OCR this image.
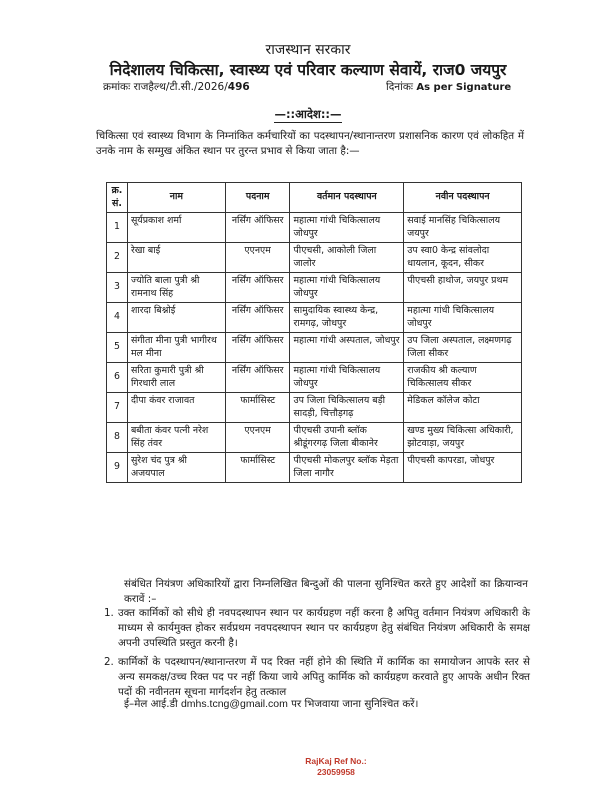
राजस्थान सरकार
निदेशालय चिकित्सा, स्वास्थ्य एवं परिवार कल्याण सेवायें, राज0 जयपुर
क्रमांकः राजहैल्थ/टी.सी./2026/496	दिनांकः As per Signature
—::आदेश::—
चिकित्सा एवं स्वास्थ्य विभाग के निम्नांकित कर्मचारियों का पदस्थापन/स्थानान्तरण प्रशासनिक कारण एवं लोकहित में उनके नाम के सम्मुख अंकित स्थान पर तुरन्त प्रभाव से किया जाता है:—
क्र. सं.	नाम	पदनाम	वर्तमान पदस्थापन	नवीन पदस्थापन
1	सूर्यप्रकाश शर्मा	नर्सिंग ऑफिसर	महात्मा गांधी चिकित्सालय जोधपुर	सवाई मानसिंह चिकित्सालय जयपुर
2	रेखा बाई	एएनएम	पीएचसी, आकोली जिला जालोर	उप स्वा0 केन्द्र सांवलोदा धायलान, कूदन, सीकर
3	ज्योति बाला पुत्री श्री रामनाथ सिंह	नर्सिंग ऑफिसर	महात्मा गांधी चिकित्सालय जोधपुर	पीएचसी हाथोज, जयपुर प्रथम
4	शारदा बिश्नोई	नर्सिंग ऑफिसर	सामुदायिक स्वास्थ्य केन्द्र, रामगढ़, जोधपुर	महात्मा गांधी चिकित्सालय जोधपुर
5	संगीता मीना पुत्री भागीरथ मल मीना	नर्सिंग ऑफिसर	महात्मा गांधी अस्पताल, जोधपुर	उप जिला अस्पताल, लक्ष्मणगढ़ जिला सीकर
6	सरिता कुमारी पुत्री श्री गिरधारी लाल	नर्सिंग ऑफिसर	महात्मा गांधी चिकित्सालय जोधपुर	राजकीय श्री कल्याण चिकित्सालय सीकर
7	दीपा कंवर राजावत	फार्मासिस्ट	उप जिला चिकित्सालय बड़ी सादड़ी, चित्तौड़गढ़	मेडिकल कॉलेज कोटा
8	बबीता कंवर पत्नी नरेश सिंह तंवर	एएनएम	पीएचसी उपानी ब्लॉक श्रीडूंगरगढ़ जिला बीकानेर	खण्ड मुख्य चिकित्सा अधिकारी, झोटवाड़ा, जयपुर
9	सुरेश चंद पुत्र श्री अजयपाल	फार्मासिस्ट	पीएचसी मोकलपुर ब्लॉक मेड़ता जिला नागौर	पीएचसी कापरडा, जोधपुर
संबंधित नियंत्रण अधिकारियों द्वारा निम्नलिखित बिन्दुओं की पालना सुनिश्चित करते हुए आदेशों का क्रियान्वन करावें :–
1. उक्त कार्मिकों को सीधे ही नवपदस्थापन स्थान पर कार्यग्रहण नहीं करना है अपितु वर्तमान नियंत्रण अधिकारी के माध्यम से कार्यमुक्त होकर सर्वप्रथम नवपदस्थापन स्थान पर कार्यग्रहण हेतु संबंधित नियंत्रण अधिकारी के समक्ष अपनी उपस्थिति प्रस्तुत करनी है।
2. कार्मिकों के पदस्थापन/स्थानान्तरण में पद रिक्त नहीं होने की स्थिति में कार्मिक का समायोजन आपके स्तर से अन्य समकक्ष/उच्च रिक्त पद पर नहीं किया जाये अपितु कार्मिक को कार्यग्रहण करवाते हुए आपके अधीन रिक्त पदों की नवीनतम सूचना मार्गदर्शन हेतु तत्काल
ई–मेल आई.डी dmhs.tcng@gmail.com पर भिजवाया जाना सुनिश्चित करें।
RajKaj Ref No.:
23059958
